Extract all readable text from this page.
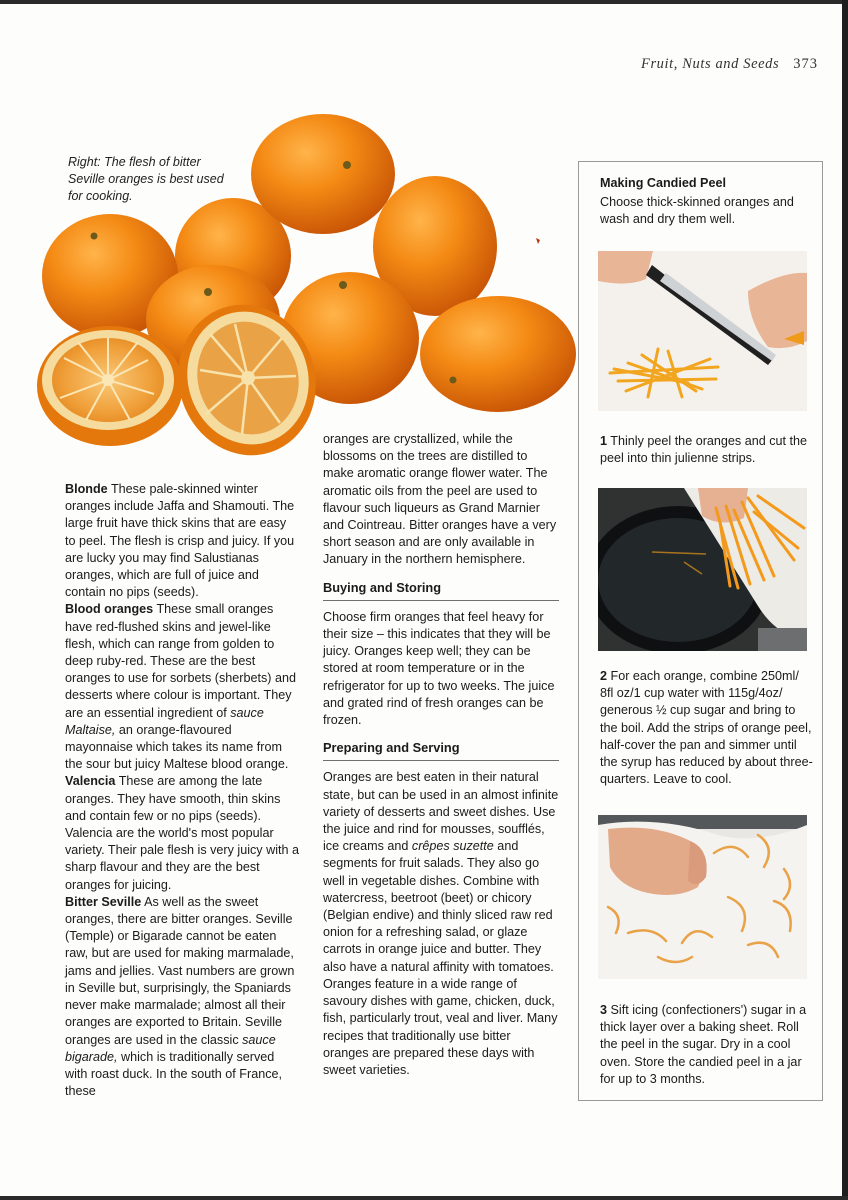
Fruit, Nuts and Seeds 373

Right: The flesh of bitter Seville oranges is best used for cooking.

Blonde These pale-skinned winter oranges include Jaffa and Shamouti. The large fruit have thick skins that are easy to peel. The flesh is crisp and juicy. If you are lucky you may find Salustianas oranges, which are full of juice and contain no pips (seeds).

Blood oranges These small oranges have red-flushed skins and jewel-like flesh, which can range from golden to deep ruby-red. These are the best oranges to use for sorbets (sherbets) and desserts where colour is important. They are an essential ingredient of sauce Maltaise, an orange-flavoured mayonnaise which takes its name from the sour but juicy Maltese blood orange.

Valencia These are among the late oranges. They have smooth, thin skins and contain few or no pips (seeds). Valencia are the world's most popular variety. Their pale flesh is very juicy with a sharp flavour and they are the best oranges for juicing.

Bitter Seville As well as the sweet oranges, there are bitter oranges. Seville (Temple) or Bigarade cannot be eaten raw, but are used for making marmalade, jams and jellies. Vast numbers are grown in Seville but, surprisingly, the Spaniards never make marmalade; almost all their oranges are exported to Britain. Seville oranges are used in the classic sauce bigarade, which is traditionally served with roast duck. In the south of France, these

oranges are crystallized, while the blossoms on the trees are distilled to make aromatic orange flower water. The aromatic oils from the peel are used to flavour such liqueurs as Grand Marnier and Cointreau. Bitter oranges have a very short season and are only available in January in the northern hemisphere.

Buying and Storing

Choose firm oranges that feel heavy for their size – this indicates that they will be juicy. Oranges keep well; they can be stored at room temperature or in the refrigerator for up to two weeks. The juice and grated rind of fresh oranges can be frozen.

Preparing and Serving

Oranges are best eaten in their natural state, but can be used in an almost infinite variety of desserts and sweet dishes. Use the juice and rind for mousses, soufflés, ice creams and crêpes suzette and segments for fruit salads. They also go well in vegetable dishes. Combine with watercress, beetroot (beet) or chicory (Belgian endive) and thinly sliced raw red onion for a refreshing salad, or glaze carrots in orange juice and butter. They also have a natural affinity with tomatoes. Oranges feature in a wide range of savoury dishes with game, chicken, duck, fish, particularly trout, veal and liver. Many recipes that traditionally use bitter oranges are prepared these days with sweet varieties.

Making Candied Peel

Choose thick-skinned oranges and wash and dry them well.

1 Thinly peel the oranges and cut the peel into thin julienne strips.

2 For each orange, combine 250ml/ 8fl oz/1 cup water with 115g/4oz/ generous ½ cup sugar and bring to the boil. Add the strips of orange peel, half-cover the pan and simmer until the syrup has reduced by about three-quarters. Leave to cool.

3 Sift icing (confectioners') sugar in a thick layer over a baking sheet. Roll the peel in the sugar. Dry in a cool oven. Store the candied peel in a jar for up to 3 months.
